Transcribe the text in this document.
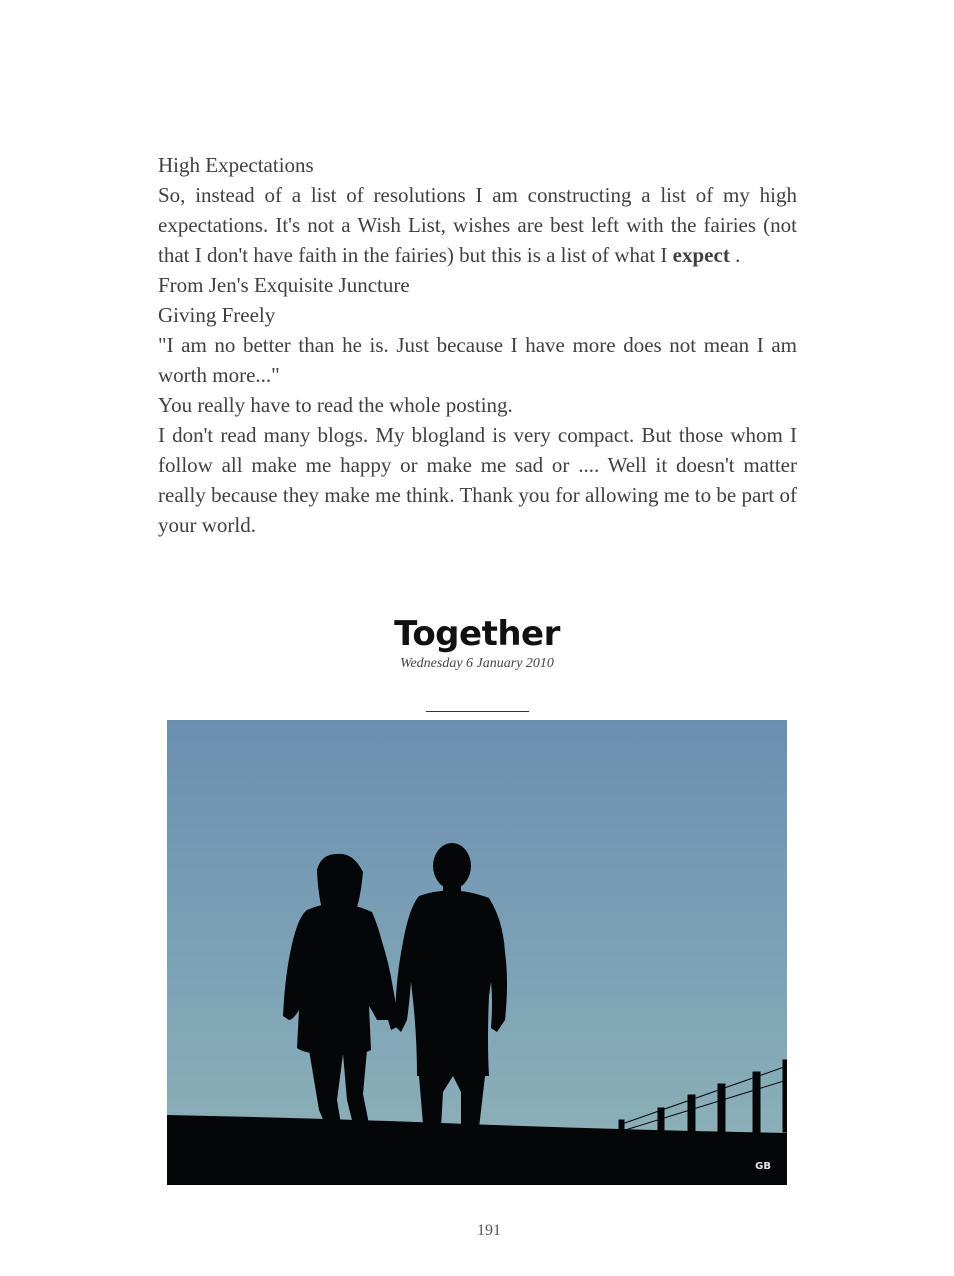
High Expectations

So, instead of a list of resolutions I am constructing a list of my high expectations. It's not a Wish List, wishes are best left with the fairies (not that I don't have faith in the fairies) but this is a list of what I expect .

From Jen's Exquisite Juncture

Giving Freely

"I am no better than he is. Just because I have more does not mean I am worth more..."

You really have to read the whole posting.

I don't read many blogs. My blogland is very compact. But those whom I follow all make me happy or make me sad or .... Well it doesn't matter really because they make me think. Thank you for allowing me to be part of your world.

Together
Wednesday 6 January 2010
GB
191
